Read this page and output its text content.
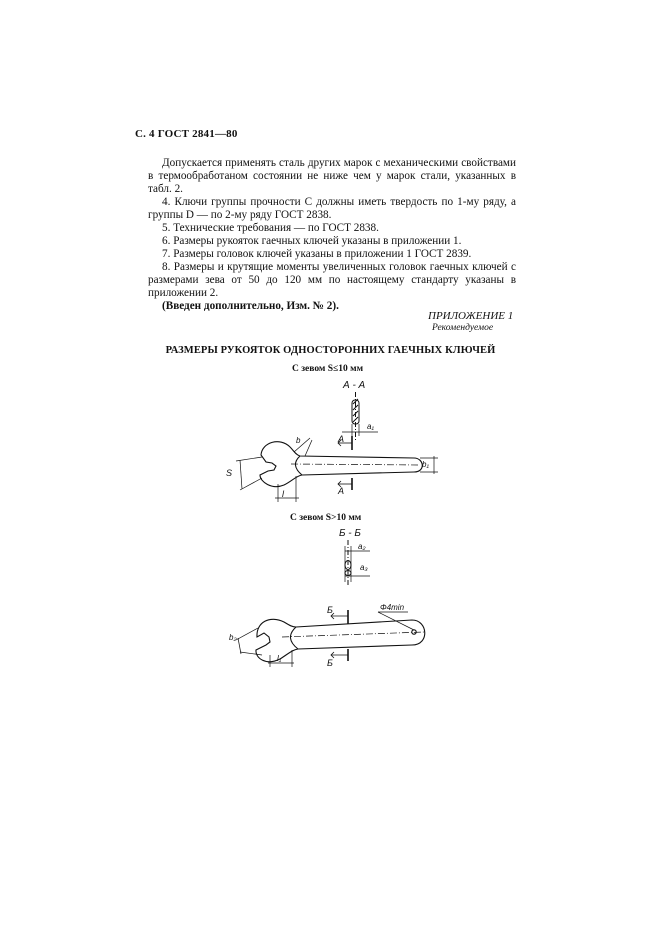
С. 4 ГОСТ 2841—80

Допускается применять сталь других марок с механическими свойствами в термообработаном состоянии не ниже чем у марок стали, указанных в табл. 2.

4. Ключи группы прочности С должны иметь твердость по 1-му ряду, а группы D — по 2-му ряду ГОСТ 2838.

5. Технические требования — по ГОСТ 2838.

6. Размеры рукояток гаечных ключей указаны в приложении 1.

7. Размеры головок ключей указаны в приложении 1 ГОСТ 2839.

8. Размеры и крутящие моменты увеличенных головок гаечных ключей с размерами зева от 50 до 120 мм по настоящему стандарту указаны в приложении 2.

(Введен дополнительно, Изм. № 2).

ПРИЛОЖЕНИЕ 1
Рекомендуемое
РАЗМЕРЫ РУКОЯТОК ОДНОСТОРОННИХ ГАЕЧНЫХ КЛЮЧЕЙ
С зевом S≤10 мм
А - А
a₁
А
А
S
l
b
b₁
С зевом S>10 мм
Б - Б
a₂
a₃
Б
Б
Φ4min
b₂
l₁
